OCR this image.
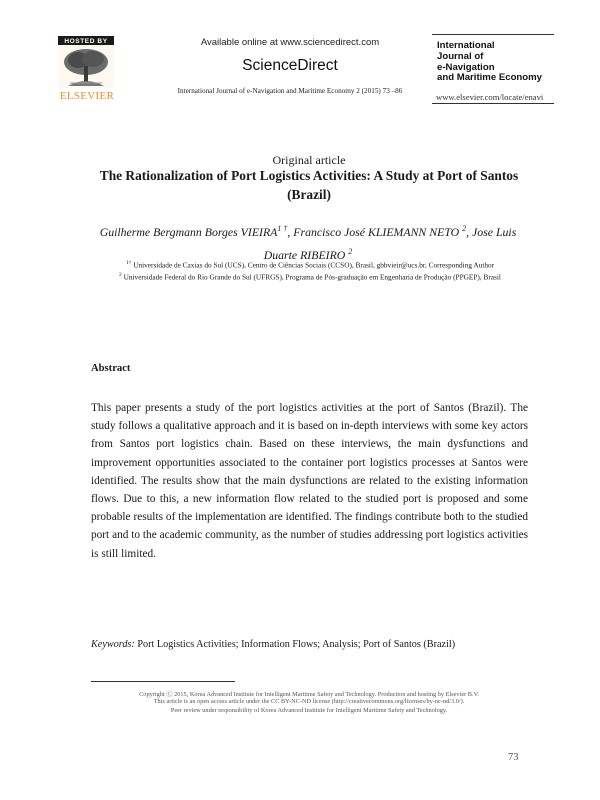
HOSTED BY
ELSEVIER
Available online at www.sciencedirect.com
ScienceDirect
International Journal of e-Navigation and Maritime Economy 2 (2015) 73 –86
International
Journal of
e-Navigation
and Maritime Economy
www.elsevier.com/locate/enavi
Original article
The Rationalization of Port Logistics Activities: A Study at Port of Santos (Brazil)
Guilherme Bergmann Borges $VIEIRA^{1 \dagger}$, Francisco José KLIEMANN NETO $^2$, Jose Luis Duarte RIBEIRO $^2$
$^{1\dagger}$ Universidade de Caxias do Sul (UCS), Centro de Ciências Sociais (CCSO), Brasil, gbbvieir@ucs.br, Corresponding Author
$^2$ Universidade Federal do Rio Grande do Sul (UFRGS), Programa de Pós-graduação em Engenharia de Produção (PPGEP), Brasil
Abstract
This paper presents a study of the port logistics activities at the port of Santos (Brazil). The study follows a qualitative approach and it is based on in-depth interviews with some key actors from Santos port logistics chain. Based on these interviews, the main dysfunctions and improvement opportunities associated to the container port logistics processes at Santos were identified. The results show that the main dysfunctions are related to the existing information flows. Due to this, a new information flow related to the studied port is proposed and some probable results of the implementation are identified. The findings contribute both to the studied port and to the academic community, as the number of studies addressing port logistics activities is still limited.
Keywords: Port Logistics Activities; Information Flows; Analysis; Port of Santos (Brazil)
Copyright Ⓒ 2015, Korea Advanced Institute for Intelligent Maritime Safety and Technology. Production and hosting by Elsevier B.V.
This article is an open access article under the CC BY-NC-ND license (http://creativecommons.org/licenses/by-nc-nd/3.0/).
Peer review under responsibility of Korea Advanced Institute for Intelligent Maritime Safety and Technology.
73
